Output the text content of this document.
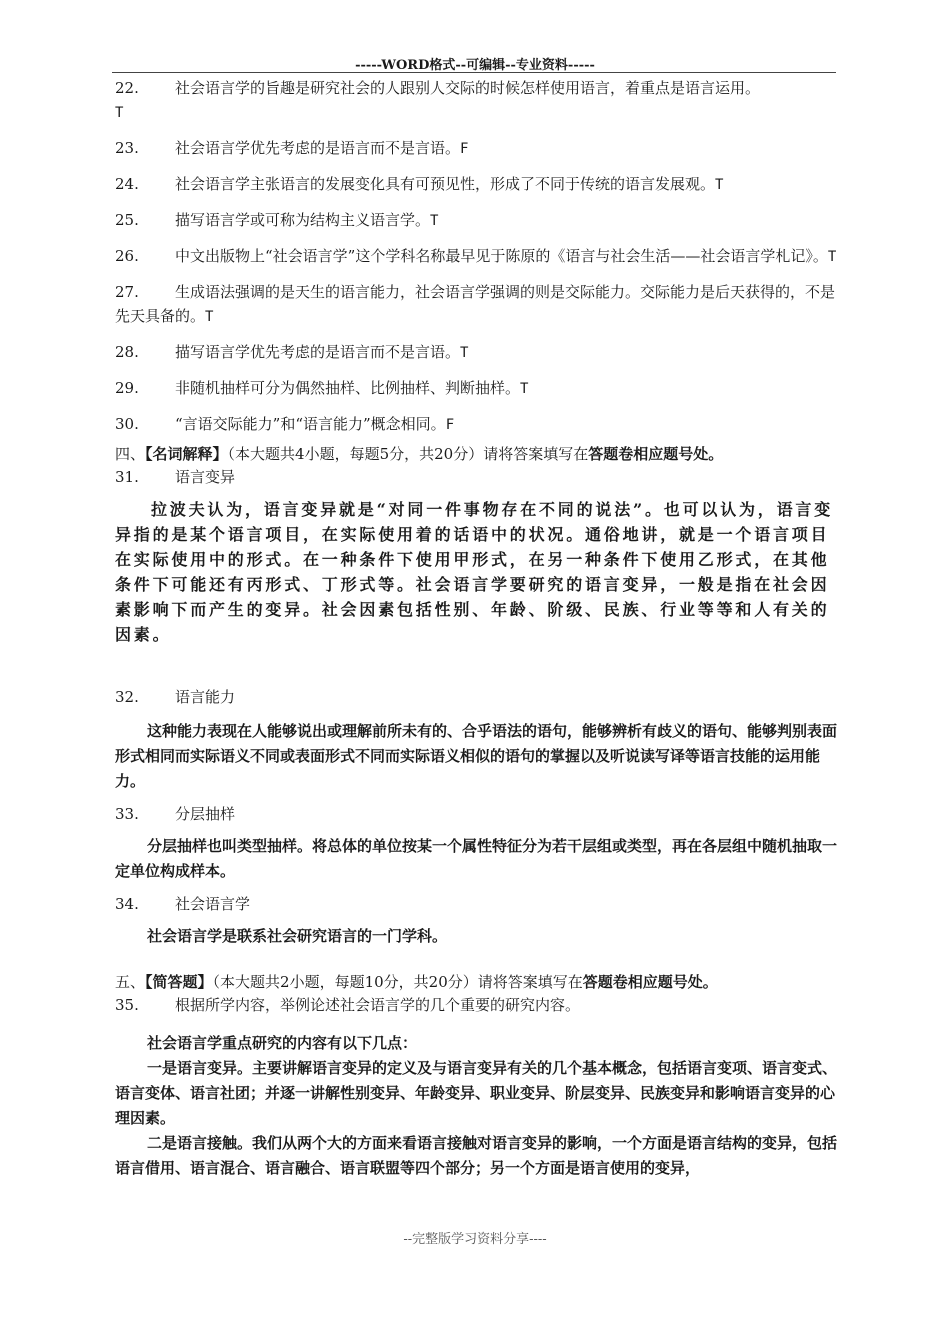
-----WORD格式--可编辑--专业资料-----
22. 社会语言学的旨趣是研究社会的人跟别人交际的时候怎样使用语言，着重点是语言运用。
T
23. 社会语言学优先考虑的是语言而不是言语。F
24. 社会语言学主张语言的发展变化具有可预见性，形成了不同于传统的语言发展观。T
25. 描写语言学或可称为结构主义语言学。T
26. 中文出版物上“社会语言学”这个学科名称最早见于陈原的《语言与社会生活——社会语言学札记》。T
27. 生成语法强调的是天生的语言能力，社会语言学强调的则是交际能力。交际能力是后天获得的，不是先天具备的。T
28. 描写语言学优先考虑的是语言而不是言语。T
29. 非随机抽样可分为偶然抽样、比例抽样、判断抽样。T
30. “言语交际能力”和“语言能力”概念相同。F

四、【名词解释】（本大题共4小题，每题5分，共20分）请将答案填写在答题卷相应题号处。

31. 语言变异

拉波夫认为，语言变异就是“对同一件事物存在不同的说法”。也可以认为，语言变异指的是某个语言项目，在实际使用着的话语中的状况。通俗地讲，就是一个语言项目在实际使用中的形式。在一种条件下使用甲形式，在另一种条件下使用乙形式，在其他条件下可能还有丙形式、丁形式等。社会语言学要研究的语言变异，一般是指在社会因素影响下而产生的变异。社会因素包括性别、年龄、阶级、民族、行业等等和人有关的因素。

32. 语言能力

这种能力表现在人能够说出或理解前所未有的、合乎语法的语句，能够辨析有歧义的语句、能够判别表面形式相同而实际语义不同或表面形式不同而实际语义相似的语句的掌握以及听说读写译等语言技能的运用能力。

33. 分层抽样

分层抽样也叫类型抽样。将总体的单位按某一个属性特征分为若干层组或类型，再在各层组中随机抽取一定单位构成样本。

34. 社会语言学

社会语言学是联系社会研究语言的一门学科。

五、【简答题】（本大题共2小题，每题10分，共20分）请将答案填写在答题卷相应题号处。

35. 根据所学内容，举例论述社会语言学的几个重要的研究内容。

社会语言学重点研究的内容有以下几点：

一是语言变异。主要讲解语言变异的定义及与语言变异有关的几个基本概念，包括语言变项、语言变式、语言变体、语言社团；并逐一讲解性别变异、年龄变异、职业变异、阶层变异、民族变异和影响语言变异的心理因素。

二是语言接触。我们从两个大的方面来看语言接触对语言变异的影响，一个方面是语言结构的变异，包括语言借用、语言混合、语言融合、语言联盟等四个部分；另一个方面是语言使用的变异，

--完整版学习资料分享----
